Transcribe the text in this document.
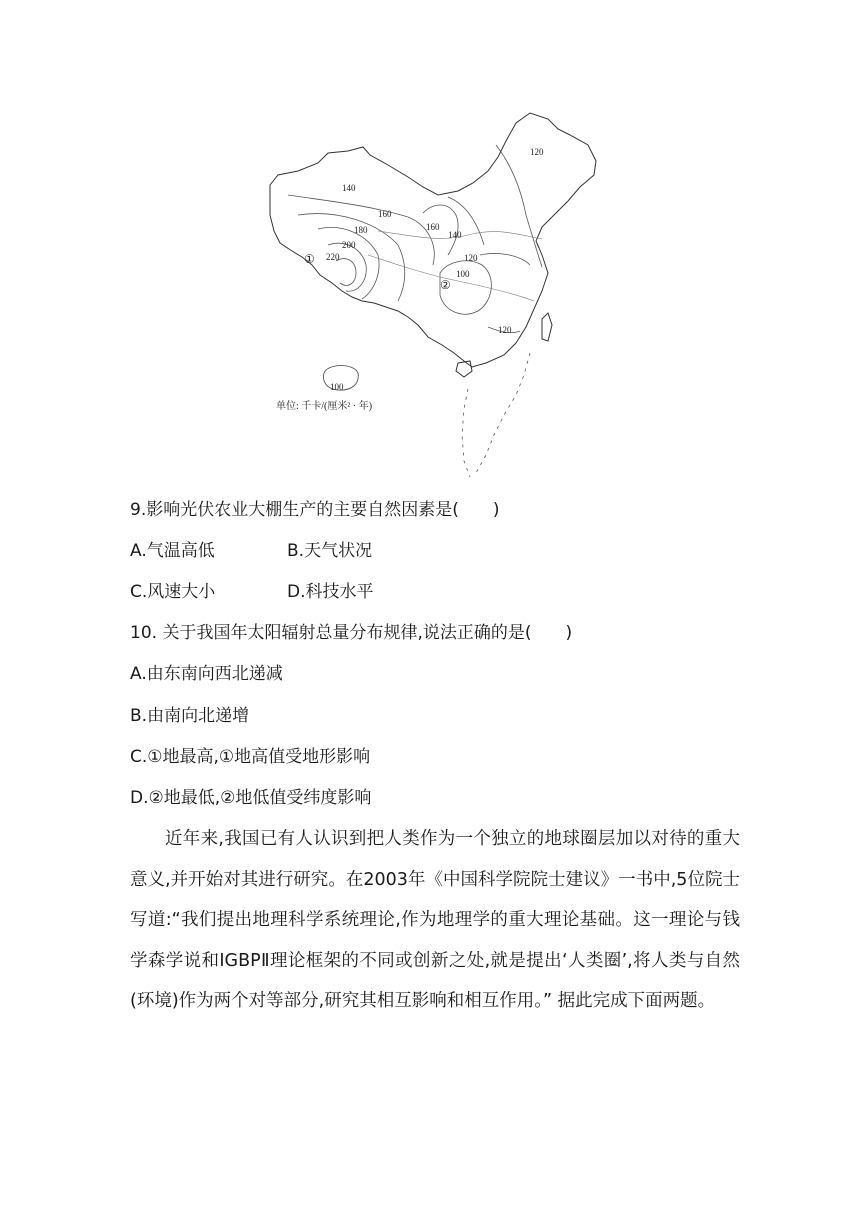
120
140
160
180
200
220
160
140
100
120
120
100
①
②
单位: 千卡/(厘米² · 年)
9.影响光伏农业大棚生产的主要自然因素是(　　)
A.气温高低	B.天气状况
C.风速大小	D.科技水平
10. 关于我国年太阳辐射总量分布规律,说法正确的是(　　)
A.由东南向西北递减
B.由南向北递增
C.①地最高,①地高值受地形影响
D.②地最低,②地低值受纬度影响
近年来,我国已有人认识到把人类作为一个独立的地球圈层加以对待的重大意义,并开始对其进行研究。在2003年《中国科学院院士建议》一书中,5位院士写道:“我们提出地理科学系统理论,作为地理学的重大理论基础。这一理论与钱学森学说和IGBPⅡ理论框架的不同或创新之处,就是提出‘人类圈’,将人类与自然(环境)作为两个对等部分,研究其相互影响和相互作用。” 据此完成下面两题。
